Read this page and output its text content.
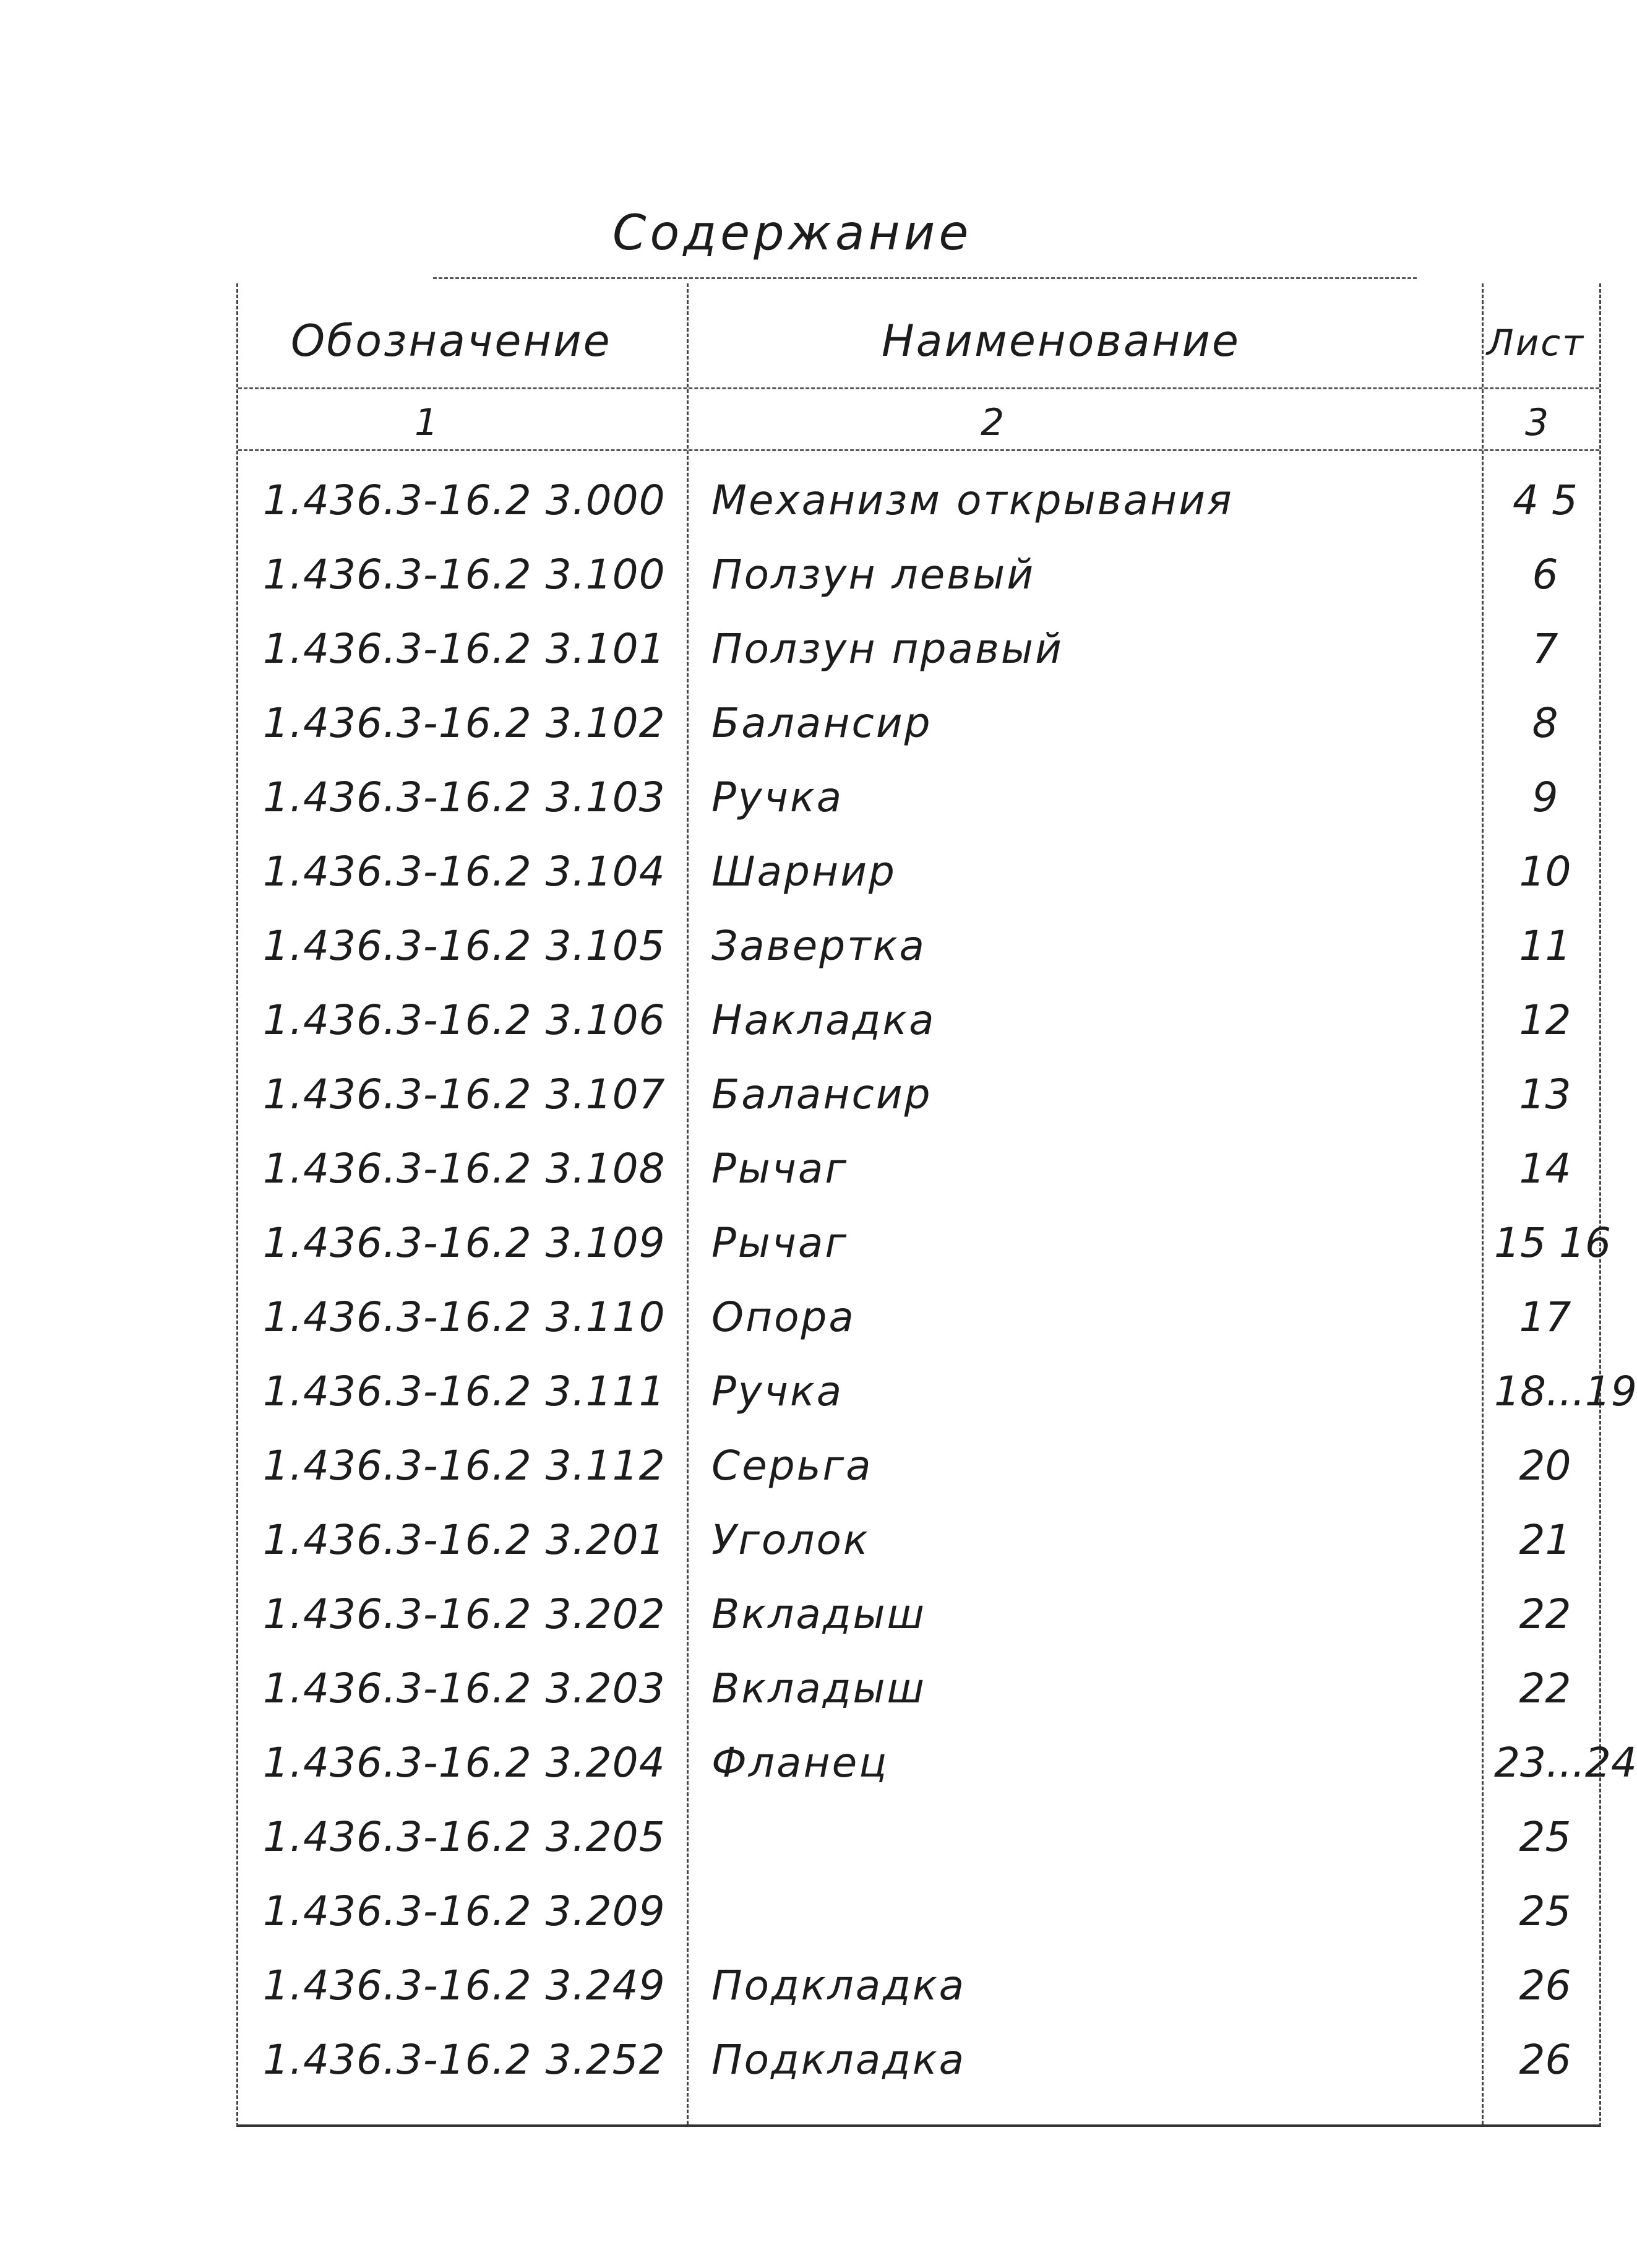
Содержание
Обозначение	Наименование	Лист
1	2	3
1.436.3-16.2 3.000 Механизм открывания	4 5
1.436.3-16.2 3.100 Ползун левый	6
1.436.3-16.2 3.101 Ползун правый	7
1.436.3-16.2 3.102 Балансир	8
1.436.3-16.2 3.103 Ручка	9
1.436.3-16.2 3.104 Шарнир	10
1.436.3-16.2 3.105 Завертка	11
1.436.3-16.2 3.106 Накладка	12
1.436.3-16.2 3.107 Балансир	13
1.436.3-16.2 3.108 Рычаг	14
1.436.3-16.2 3.109 Рычаг	15 16
1.436.3-16.2 3.110 Опора	17
1.436.3-16.2 3.111 Ручка	18...19
1.436.3-16.2 3.112 Серьга	20
1.436.3-16.2 3.201 Уголок	21
1.436.3-16.2 3.202 Вкладыш	22
1.436.3-16.2 3.203 Вкладыш	22
1.436.3-16.2 3.204 Фланец	23...24
1.436.3-16.2 3.205	25
1.436.3-16.2 3.209	25
1.436.3-16.2 3.249 Подкладка	26
1.436.3-16.2 3.252 Подкладка	26
